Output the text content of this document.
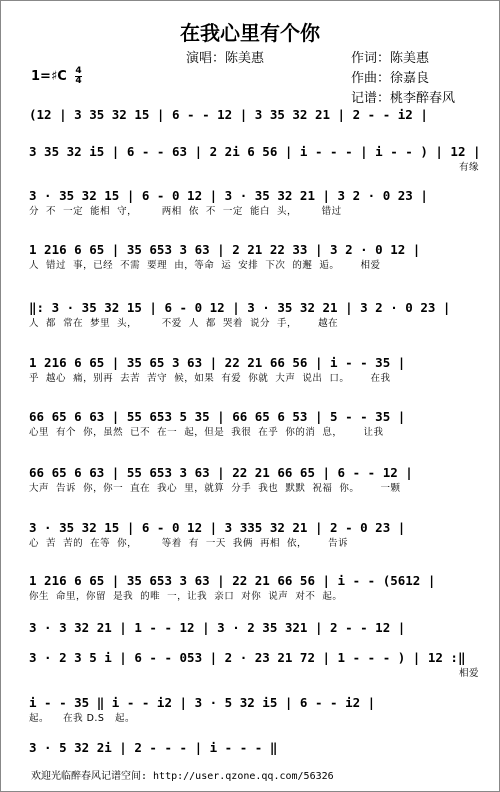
在我心里有个你
演唱：陈美惠	作词：陈美惠
作曲：徐嘉良
记谱：桃李醉春风
1=♯C $\frac{4}{4}$
(12 | 3 35 32 15 | 6 - - 12 | 3 35 32 21 | 2 - - i2 |
3 35 32 i5 | 6 - - 63 | 2 2i 6 56 | i - - - | i - - ) | 12 |
有缘
3 · 35 32 15 | 6 - 0 12 | 3 · 35 32 21 | 3 2 · 0 23 |
分  不  一定  能相  守，       两相  依  不  一定  能白  头，       错过
1 216 6 65 | 35 653 3 63 | 2 21 22 33 | 3 2 · 0 12 |
人  错过  事，已经  不需  要理  由，等命  运  安排  下次  的邂  逅。      相爱
‖: 3 · 35 32 15 | 6 - 0 12 | 3 · 35 32 21 | 3 2 · 0 23 |
人  都  常在  梦里  头，       不爱  人  都  哭着  说分  手，      越在
1 216 6 65 | 35 65 3 63 | 22 21 66 56 | i - - 35 |
乎  越心  痛，别再  去苦  苦守  候，如果  有爱  你就  大声  说出  口。      在我
66 65 6 63 | 55 653 5 35 | 66 65 6 53 | 5 - - 35 |
心里  有个  你，虽然  已不  在一  起，但是  我很  在乎  你的消  息，      让我
66 65 6 63 | 55 653 3 63 | 22 21 66 65 | 6 - - 12 |
大声  告诉  你，你一  直在  我心  里，就算  分手  我也  默默  祝福  你。      一颗
3 · 35 32 15 | 6 - 0 12 | 3 335 32 21 | 2 - 0 23 |
心  苦  苦的  在等  你，       等着  有  一天  我俩  再相  依，      告诉
1 216 6 65 | 35 653 3 63 | 22 21 66 56 | i - - (5612 |
你生  命里，你留  是我  的唯  一，让我  亲口  对你  说声  对不  起。
3 · 3 32 21 | 1 - - 12 | 3 · 2 35 321 | 2 - - 12 |
3 · 2 3 5 i | 6 - - 053 | 2 · 23 21 72 | 1 - - - ) | 12 :‖
相爱
i - - 35 ‖ i - - i2 | 3 · 5 32 i5 | 6 - - i2 |
起。    在我 D.S   起。
3 · 5 32 2i | 2 - - - | i - - - ‖
欢迎光临醉春风记谱空间: http://user.qzone.qq.com/56326
